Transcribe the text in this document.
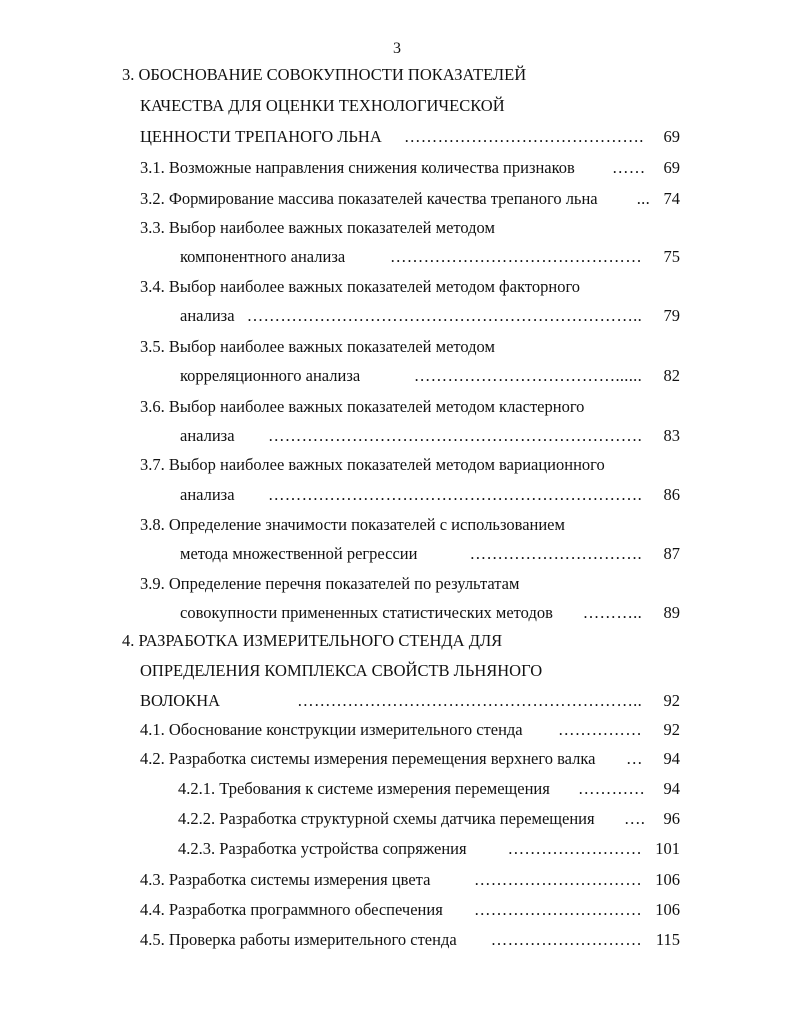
3
3. ОБОСНОВАНИЕ СОВОКУПНОСТИ ПОКАЗАТЕЛЕЙ
КАЧЕСТВА ДЛЯ ОЦЕНКИ ТЕХНОЛОГИЧЕСКОЙ
ЦЕННОСТИ ТРЕПАНОГО ЛЬНА …………………………………….	69
3.1. Возможные направления снижения количества признаков ……	69
3.2. Формирование массива показателей качества трепаного льна ... 74
3.3. Выбор наиболее важных показателей методом
компонентного анализа	………………………………………	75
3.4. Выбор наиболее важных показателей методом факторного
анализа ……………………………………………………………..	79
3.5. Выбор наиболее важных показателей методом
корреляционного анализа	………………………………......	82
3.6. Выбор наиболее важных показателей методом кластерного
анализа	………………………………………………………….	83
3.7. Выбор наиболее важных показателей методом вариационного
анализа	………………………………………………………….	86
3.8. Определение значимости показателей с использованием
метода множественной регрессии	………………………….	87
3.9. Определение перечня показателей по результатам
совокупности примененных статистических методов ………..	89
4. РАЗРАБОТКА ИЗМЕРИТЕЛЬНОГО СТЕНДА ДЛЯ
ОПРЕДЕЛЕНИЯ КОМПЛЕКСА СВОЙСТВ ЛЬНЯНОГО
ВОЛОКНА	……………………………………………………..	92
4.1. Обоснование конструкции измерительного стенда ……………	92
4.2. Разработка системы измерения перемещения верхнего валка …	94
4.2.1. Требования к системе измерения перемещения …………	94
4.2.2. Разработка структурной схемы датчика перемещения ….	96
4.2.3. Разработка устройства сопряжения	…………………… 101
4.3. Разработка системы измерения цвета	………………………… 106
4.4. Разработка программного обеспечения ………………………… 106
4.5. Проверка работы измерительного стенда ……………………… 115
